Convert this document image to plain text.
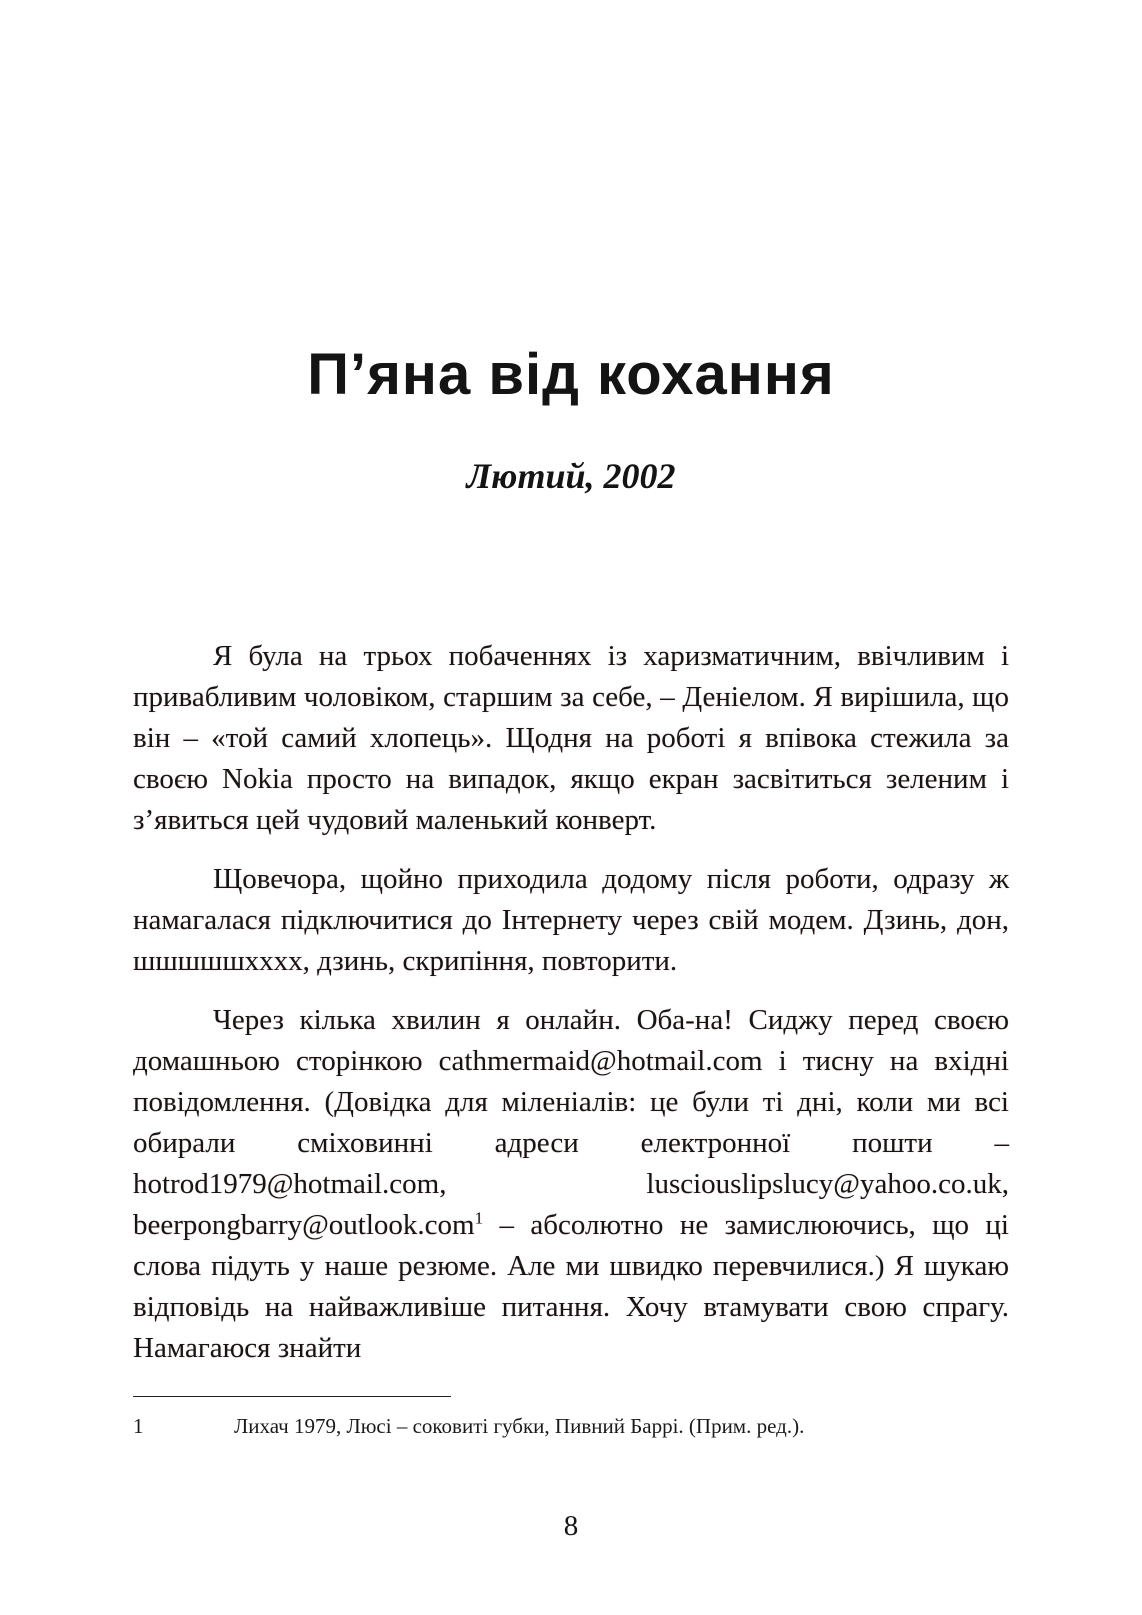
П’яна від кохання
Лютий, 2002

Я була на трьох побаченнях із харизматичним, ввічливим і привабливим чоловіком, старшим за себе, – Деніелом. Я вирішила, що він – «той самий хлопець». Щодня на роботі я впівока стежила за своєю Nokia просто на випадок, якщо екран засвітиться зеленим і з’явиться цей чудовий маленький конверт.

Щовечора, щойно приходила додому після роботи, одразу ж намагалася підключитися до Інтернету через свій модем. Дзинь, дон, шшшшшхххх, дзинь, скрипіння, повторити.

Через кілька хвилин я онлайн. Оба-на! Сиджу перед своєю домашньою сторінкою cathmermaid@hotmail.com і тисну на вхідні повідомлення. (Довідка для міленіалів: це були ті дні, коли ми всі обирали сміховинні адреси електронної пошти – hotrod1979@hotmail.com, lusciouslipslucy@yahoo.co.uk, beerpongbarry@outlook.com$^1$ – абсолютно не замислюючись, що ці слова підуть у наше резюме. Але ми швидко перевчилися.) Я шукаю відповідь на найважливіше питання. Хочу втамувати свою спрагу. Намагаюся знайти

1	Лихач 1979, Люсі – соковиті губки, Пивний Баррі. (Прим. ред.).
8
